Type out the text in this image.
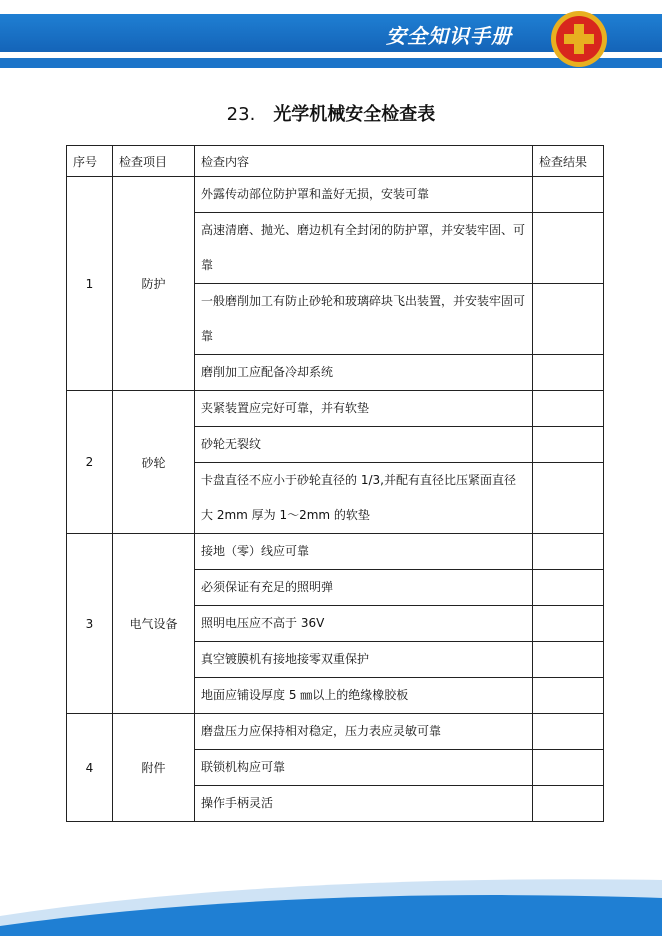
安全知识手册
23. 光学机械安全检查表
序号	检查项目	检查内容	检查结果
1	防护	外露传动部位防护罩和盖好无损，安装可靠	
		高速清磨、抛光、磨边机有全封闭的防护罩，并安装牢固、可靠	
		一般磨削加工有防止砂轮和玻璃碎块飞出装置，并安装牢固可靠	
		磨削加工应配备冷却系统	
2	砂轮	夹紧装置应完好可靠，并有软垫	
		砂轮无裂纹	
		卡盘直径不应小于砂轮直径的 1/3,并配有直径比压紧面直径大 2mm 厚为 1～2mm 的软垫	
3	电气设备	接地（零）线应可靠	
		必须保证有充足的照明弹	
		照明电压应不高于 36V	
		真空镀膜机有接地接零双重保护	
		地面应铺设厚度 5 ㎜以上的绝缘橡胶板	
4	附件	磨盘压力应保持相对稳定，压力表应灵敏可靠	
		联锁机构应可靠	
		操作手柄灵活	
